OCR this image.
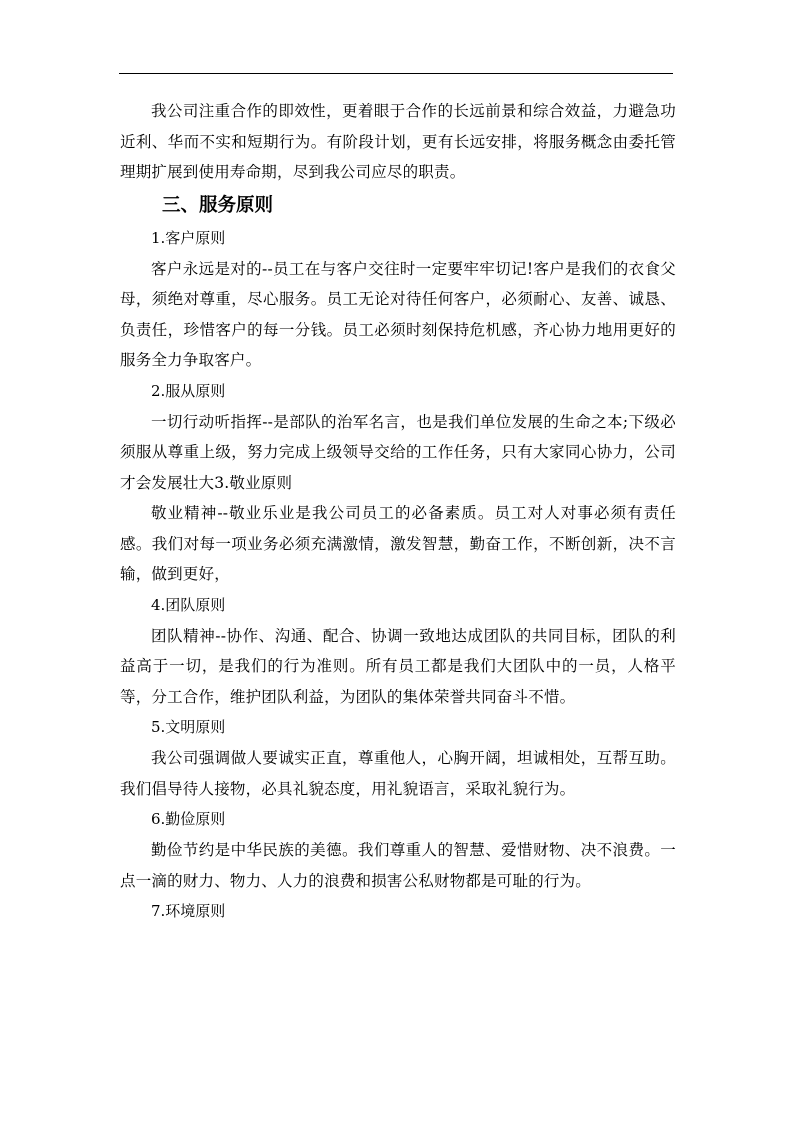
我公司注重合作的即效性，更着眼于合作的长远前景和综合效益，力避急功近利、华而不实和短期行为。有阶段计划，更有长远安排，将服务概念由委托管理期扩展到使用寿命期，尽到我公司应尽的职责。

三、服务原则

1.客户原则

客户永远是对的--员工在与客户交往时一定要牢牢切记!客户是我们的衣食父母，须绝对尊重，尽心服务。员工无论对待任何客户，必须耐心、友善、诚恳、负责任，珍惜客户的每一分钱。员工必须时刻保持危机感，齐心协力地用更好的服务全力争取客户。

2.服从原则

一切行动听指挥--是部队的治军名言，也是我们单位发展的生命之本;下级必须服从尊重上级，努力完成上级领导交给的工作任务，只有大家同心协力，公司才会发展壮大3.敬业原则

敬业精神--敬业乐业是我公司员工的必备素质。员工对人对事必须有责任感。我们对每一项业务必须充满激情，激发智慧，勤奋工作，不断创新，决不言输，做到更好，

4.团队原则

团队精神--协作、沟通、配合、协调一致地达成团队的共同目标，团队的利益高于一切，是我们的行为准则。所有员工都是我们大团队中的一员，人格平等，分工合作，维护团队利益，为团队的集体荣誉共同奋斗不惜。

5.文明原则

我公司强调做人要诚实正直，尊重他人，心胸开阔，坦诚相处，互帮互助。我们倡导待人接物，必具礼貌态度，用礼貌语言，采取礼貌行为。

6.勤俭原则

勤俭节约是中华民族的美德。我们尊重人的智慧、爱惜财物、决不浪费。一点一滴的财力、物力、人力的浪费和损害公私财物都是可耻的行为。

7.环境原则
